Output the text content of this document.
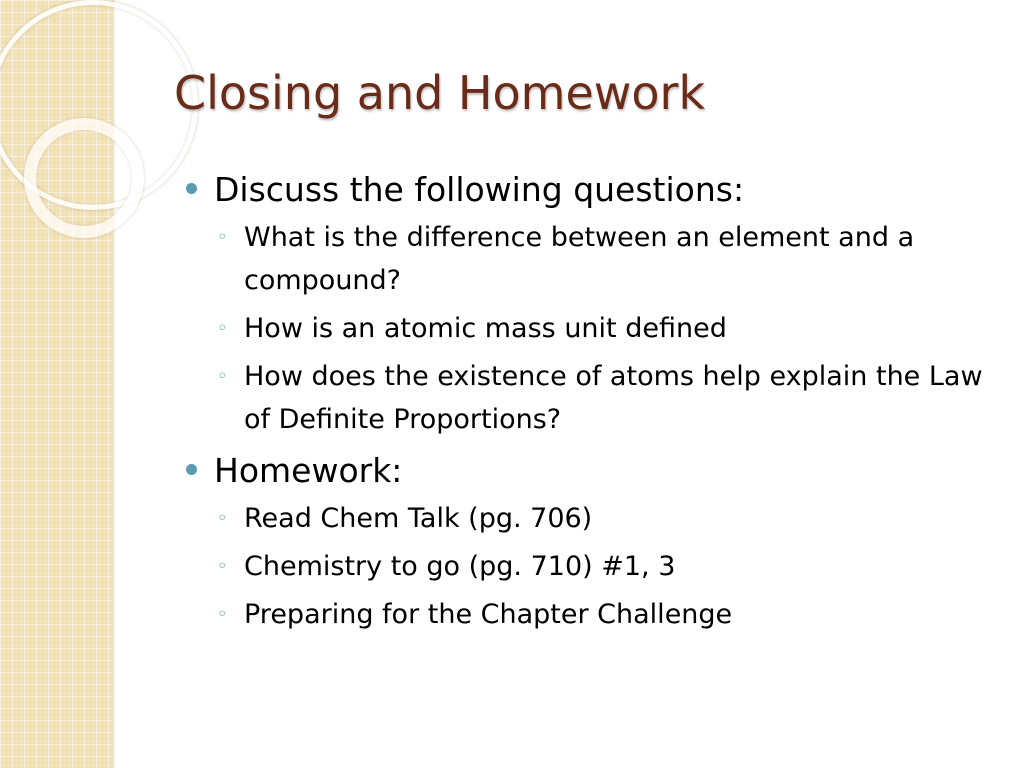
Closing and Homework
Discuss the following questions:
◦ What is the difference between an element and a compound?
◦ How is an atomic mass unit defined
◦ How does the existence of atoms help explain the Law of Definite Proportions?
Homework:
◦ Read Chem Talk (pg. 706)
◦ Chemistry to go (pg. 710) #1, 3
◦ Preparing for the Chapter Challenge
